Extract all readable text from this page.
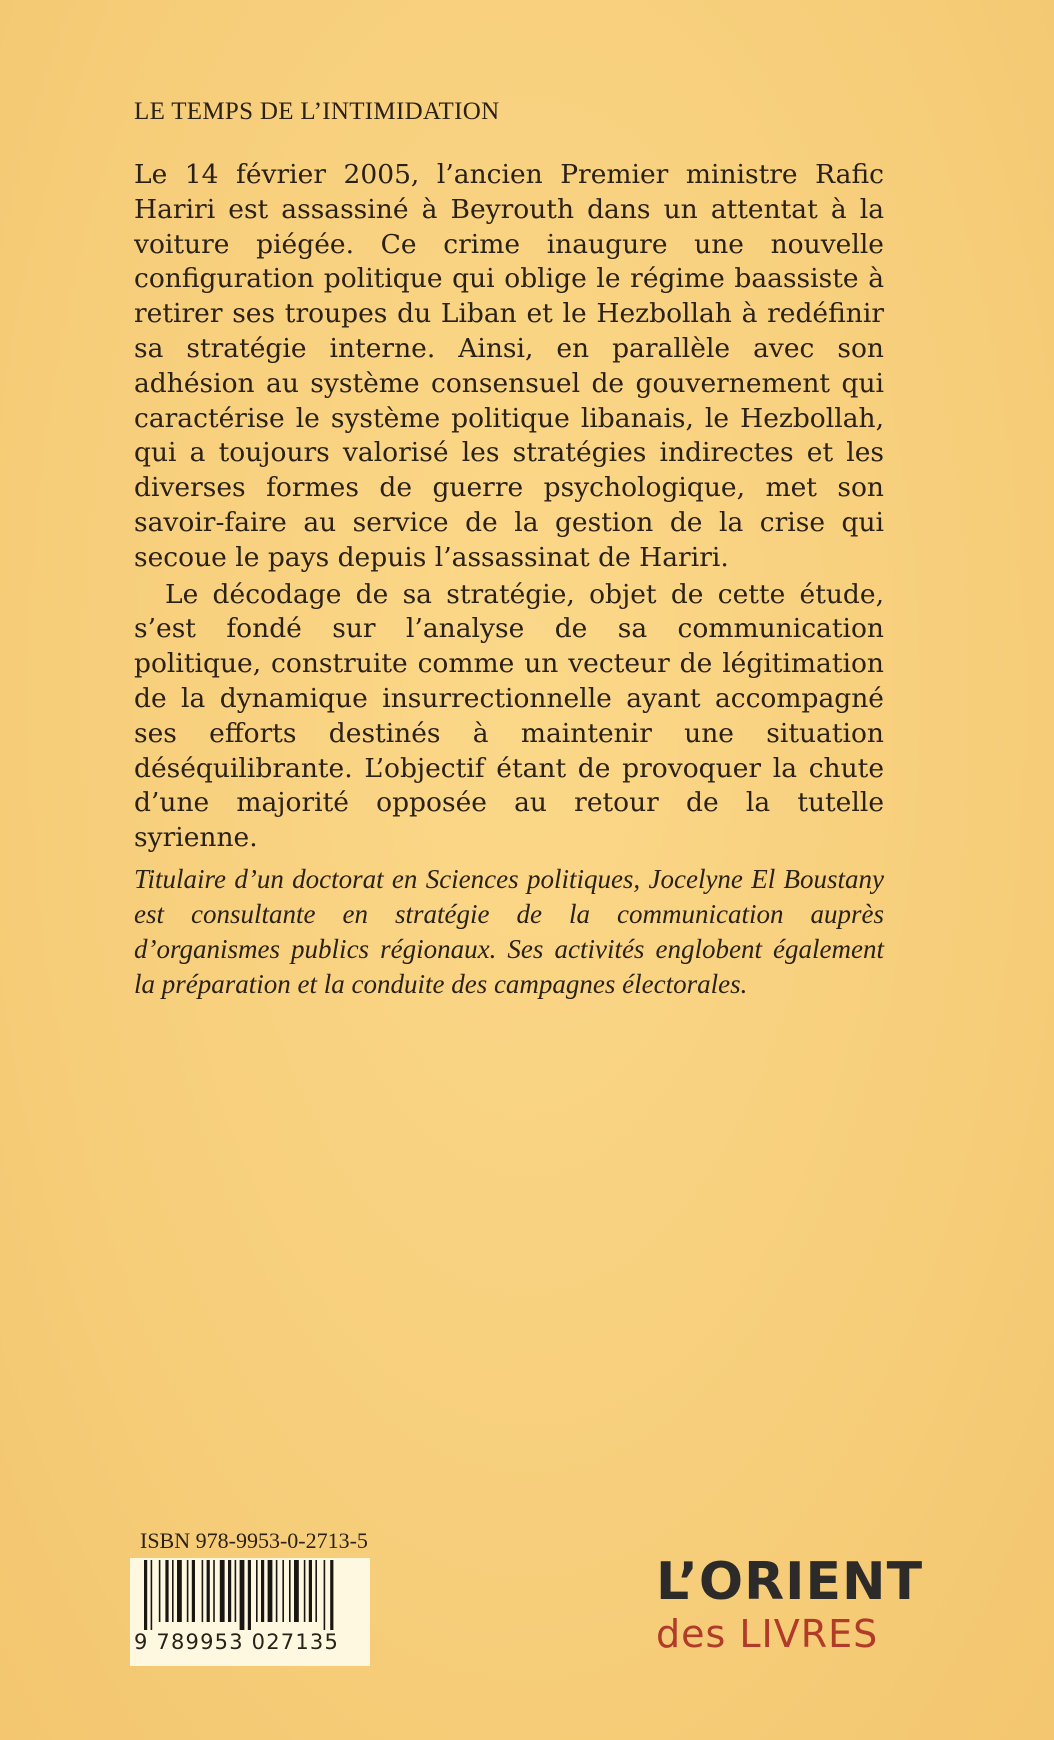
LE TEMPS DE L’INTIMIDATION

Le 14 février 2005, l’ancien Premier ministre Rafic Hariri est assassiné à Beyrouth dans un attentat à la voiture piégée. Ce crime inaugure une nouvelle configuration politique qui oblige le régime baassiste à retirer ses troupes du Liban et le Hezbollah à redéfinir sa stratégie interne. Ainsi, en parallèle avec son adhésion au système consensuel de gouvernement qui caractérise le système politique libanais, le Hezbollah, qui a toujours valorisé les stratégies indirectes et les diverses formes de guerre psychologique, met son savoir-faire au service de la gestion de la crise qui secoue le pays depuis l’assassinat de Hariri.

Le décodage de sa stratégie, objet de cette étude, s’est fondé sur l’analyse de sa communication politique, construite comme un vecteur de légitimation de la dynamique insurrectionnelle ayant accompagné ses efforts destinés à maintenir une situation déséquilibrante. L’objectif étant de provoquer la chute d’une majorité opposée au retour de la tutelle syrienne.

Titulaire d’un doctorat en Sciences politiques, Jocelyne El Boustany est consultante en stratégie de la communication auprès d’organismes publics régionaux. Ses activités englobent également la préparation et la conduite des campagnes électorales.

ISBN 978-9953-0-2713-5
9 789953 027135
L’ORIENT
des LIVRES
